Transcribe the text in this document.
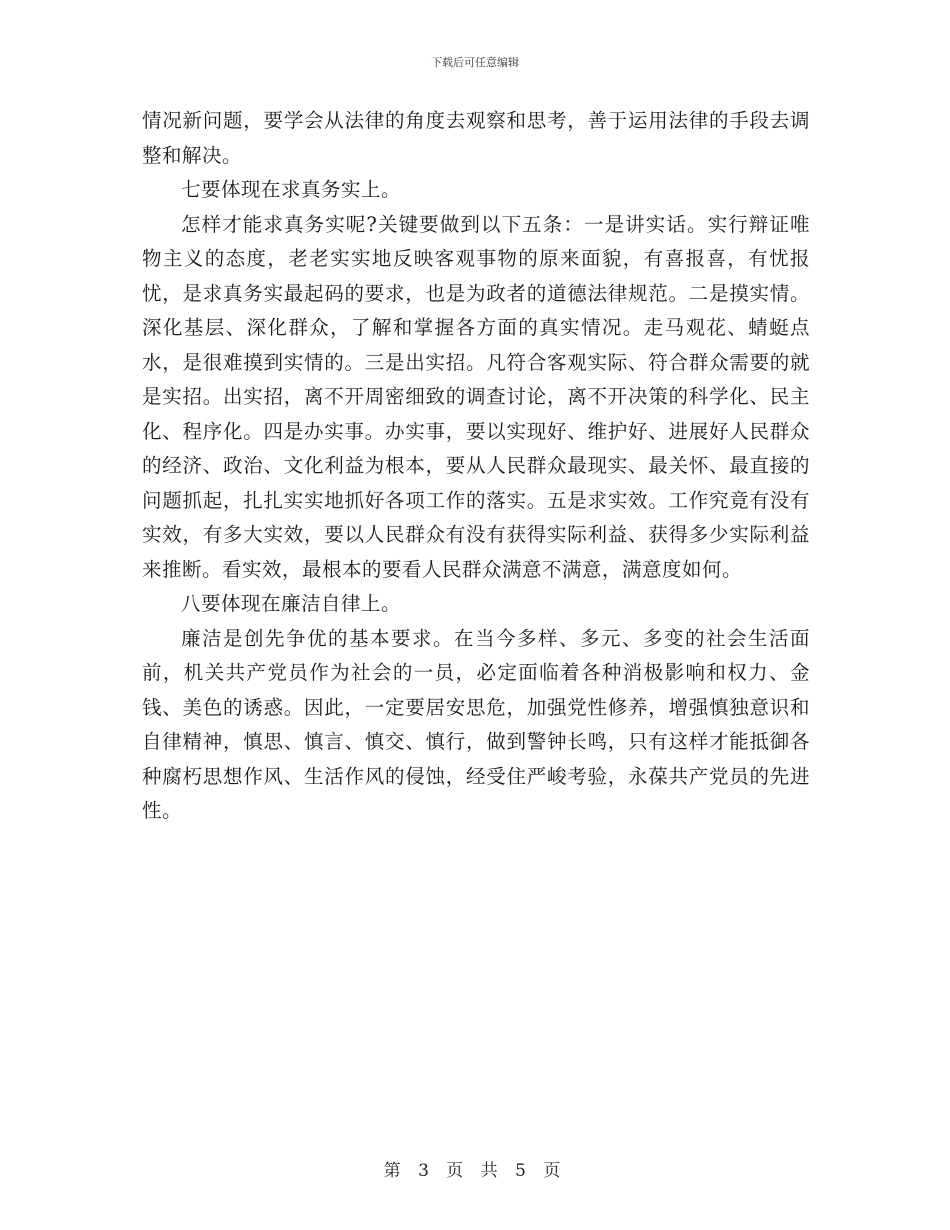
下载后可任意编辑

情况新问题，要学会从法律的角度去观察和思考，善于运用法律的手段去调整和解决。

七要体现在求真务实上。

怎样才能求真务实呢?关键要做到以下五条：一是讲实话。实行辩证唯物主义的态度，老老实实地反映客观事物的原来面貌，有喜报喜，有忧报忧，是求真务实最起码的要求，也是为政者的道德法律规范。二是摸实情。深化基层、深化群众，了解和掌握各方面的真实情况。走马观花、蜻蜓点水，是很难摸到实情的。三是出实招。凡符合客观实际、符合群众需要的就是实招。出实招，离不开周密细致的调查讨论，离不开决策的科学化、民主化、程序化。四是办实事。办实事，要以实现好、维护好、进展好人民群众的经济、政治、文化利益为根本，要从人民群众最现实、最关怀、最直接的问题抓起，扎扎实实地抓好各项工作的落实。五是求实效。工作究竟有没有实效，有多大实效，要以人民群众有没有获得实际利益、获得多少实际利益来推断。看实效，最根本的要看人民群众满意不满意，满意度如何。

八要体现在廉洁自律上。

廉洁是创先争优的基本要求。在当今多样、多元、多变的社会生活面前，机关共产党员作为社会的一员，必定面临着各种消极影响和权力、金钱、美色的诱惑。因此，一定要居安思危，加强党性修养，增强慎独意识和自律精神，慎思、慎言、慎交、慎行，做到警钟长鸣，只有这样才能抵御各种腐朽思想作风、生活作风的侵蚀，经受住严峻考验，永葆共产党员的先进性。

第 3 页 共 5 页
